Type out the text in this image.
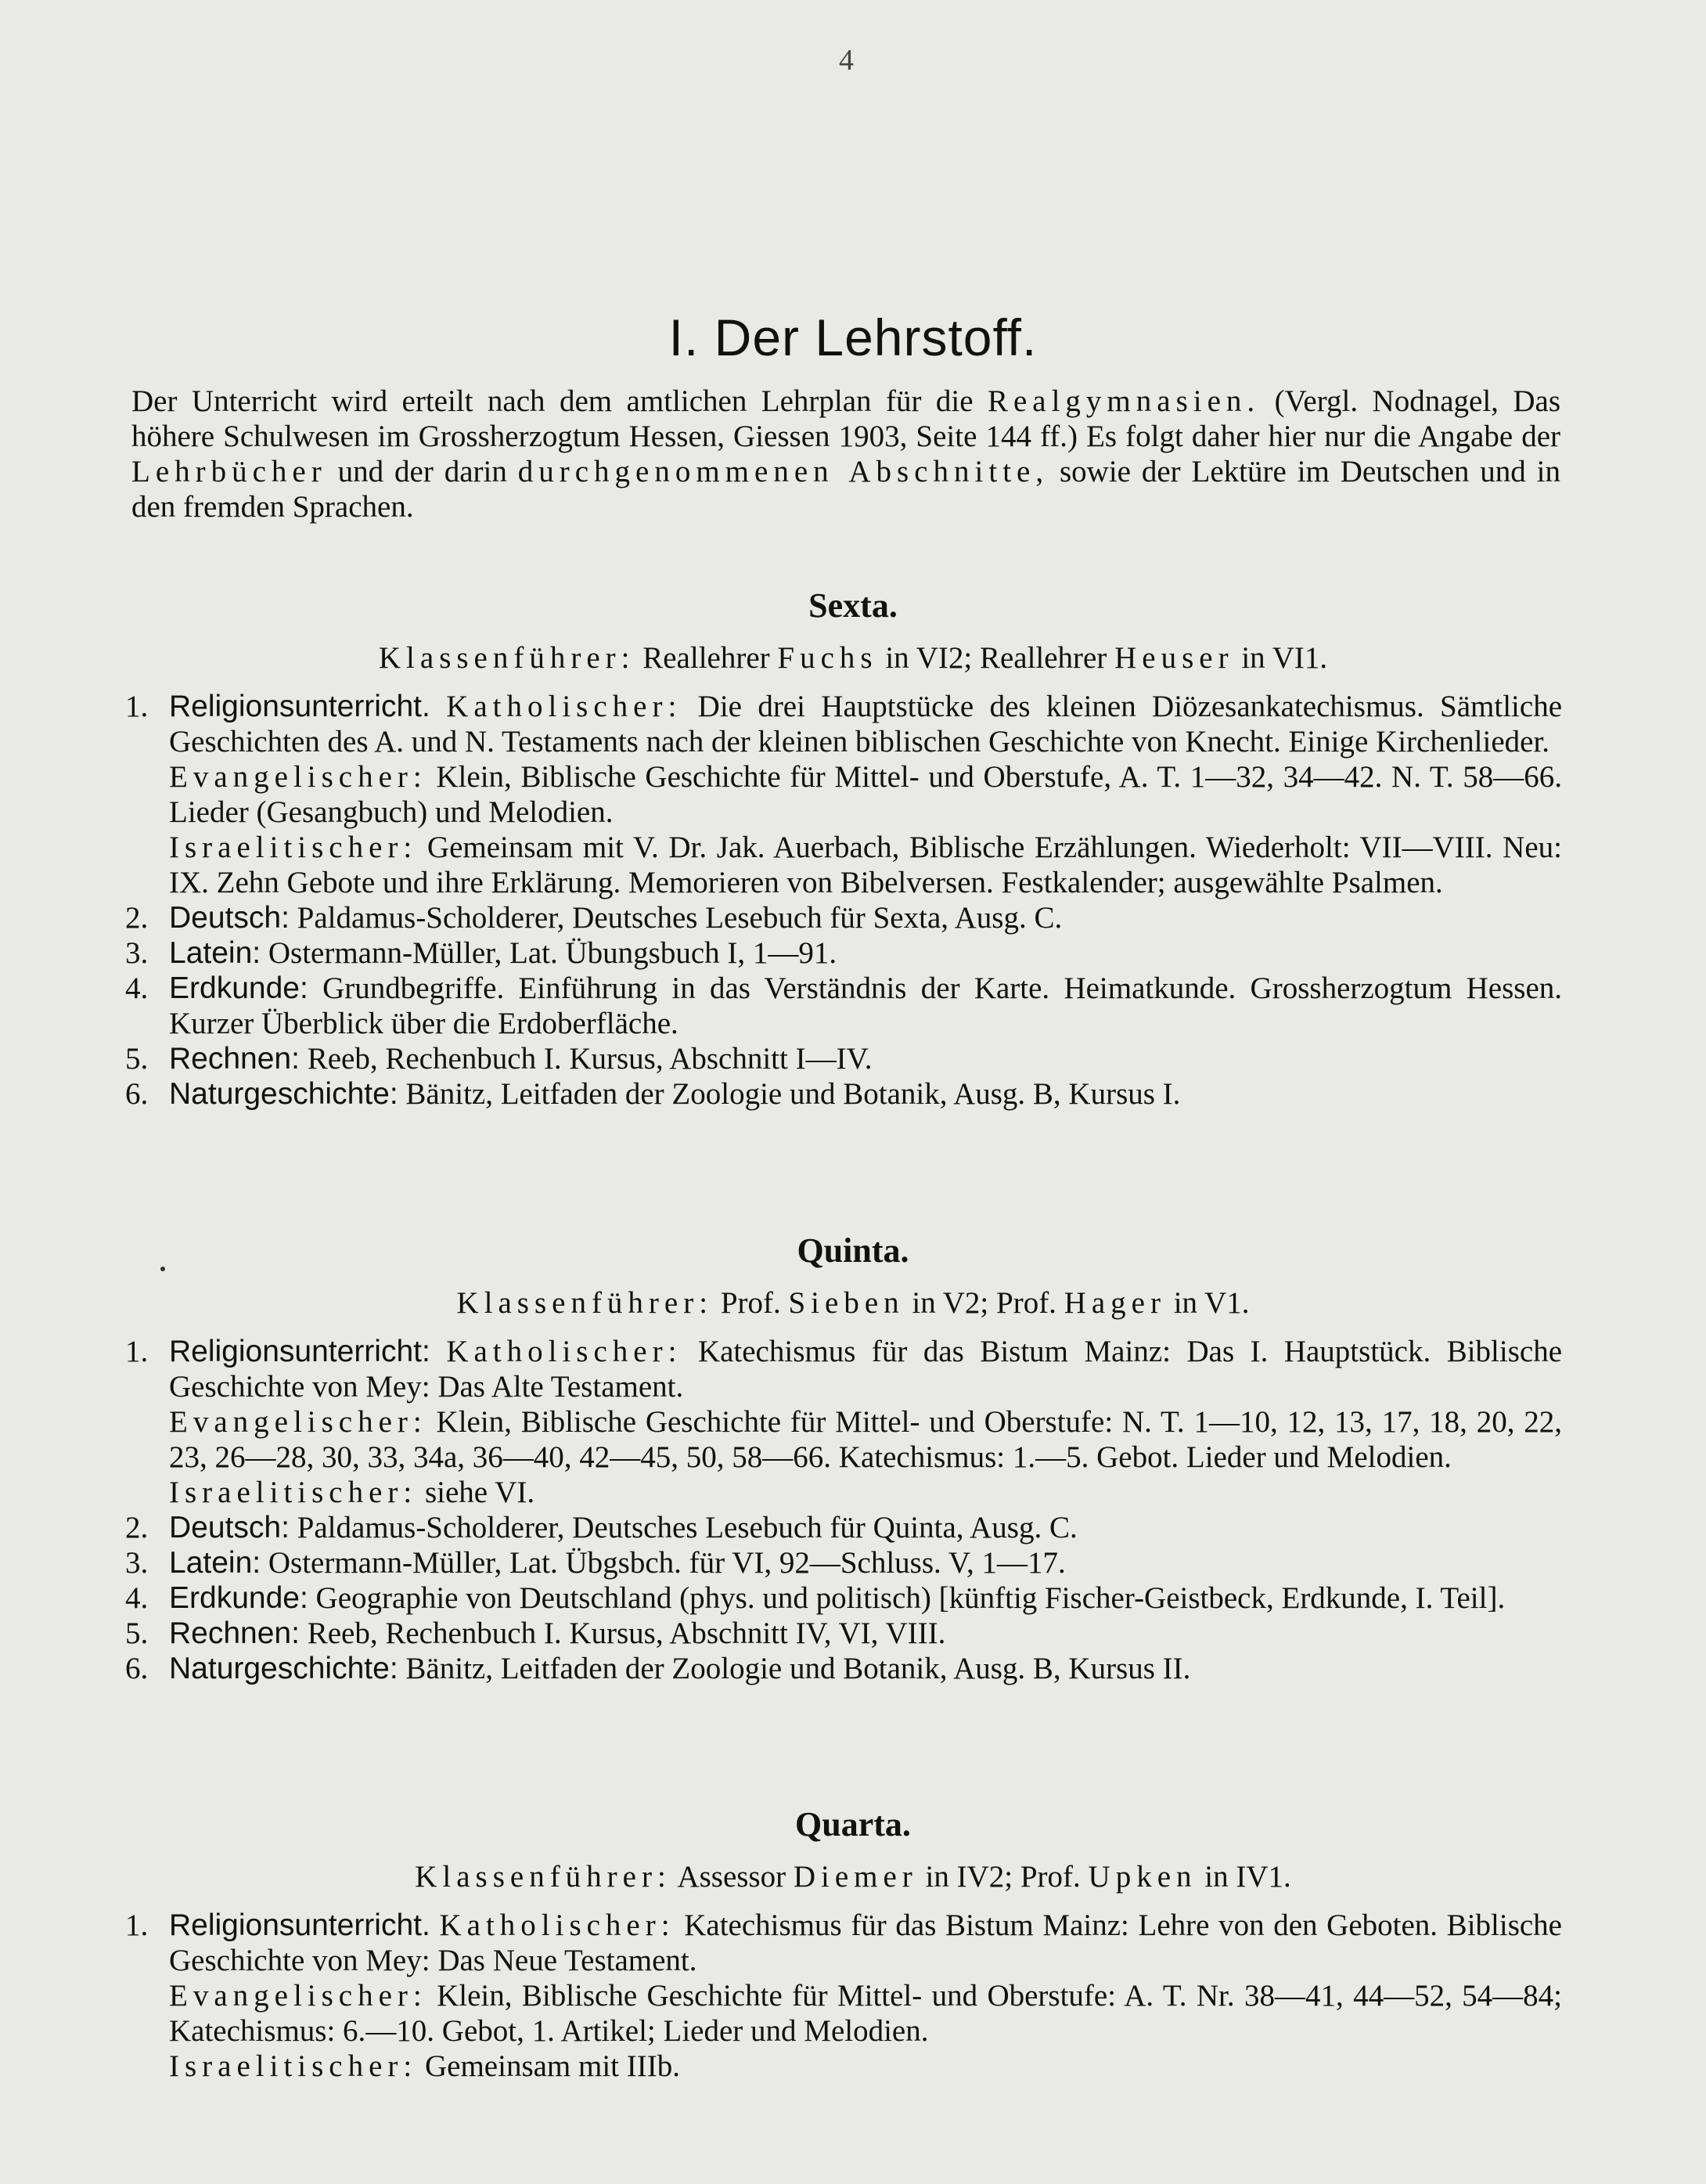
4
I. Der Lehrstoff.
Der Unterricht wird erteilt nach dem amtlichen Lehrplan für die Realgymnasien. (Vergl. Nodnagel, Das höhere Schulwesen im Grossherzogtum Hessen, Giessen 1903, Seite 144 ff.) Es folgt daher hier nur die Angabe der Lehrbücher und der darin durchgenommenen Abschnitte, sowie der Lektüre im Deutschen und in den fremden Sprachen.
Sexta.
Klassenführer: Reallehrer Fuchs in VI2; Reallehrer Heuser in VI1.
1. Religionsunterricht. Katholischer: Die drei Hauptstücke des kleinen Diözesankatechismus. Sämtliche Geschichten des A. und N. Testaments nach der kleinen biblischen Geschichte von Knecht. Einige Kirchenlieder.
Evangelischer: Klein, Biblische Geschichte für Mittel- und Oberstufe, A. T. 1—32, 34—42. N. T. 58—66. Lieder (Gesangbuch) und Melodien.
Israelitischer: Gemeinsam mit V. Dr. Jak. Auerbach, Biblische Erzählungen. Wiederholt: VII—VIII. Neu: IX. Zehn Gebote und ihre Erklärung. Memorieren von Bibelversen. Festkalender; ausgewählte Psalmen.
2. Deutsch: Paldamus-Scholderer, Deutsches Lesebuch für Sexta, Ausg. C.
3. Latein: Ostermann-Müller, Lat. Übungsbuch I, 1—91.
4. Erdkunde: Grundbegriffe. Einführung in das Verständnis der Karte. Heimatkunde. Grossherzogtum Hessen. Kurzer Überblick über die Erdoberfläche.
5. Rechnen: Reeb, Rechenbuch I. Kursus, Abschnitt I—IV.
6. Naturgeschichte: Bänitz, Leitfaden der Zoologie und Botanik, Ausg. B, Kursus I.
Quinta.
Klassenführer: Prof. Sieben in V2; Prof. Hager in V1.
1. Religionsunterricht: Katholischer: Katechismus für das Bistum Mainz: Das I. Hauptstück. Biblische Geschichte von Mey: Das Alte Testament.
Evangelischer: Klein, Biblische Geschichte für Mittel- und Oberstufe: N. T. 1—10, 12, 13, 17, 18, 20, 22, 23, 26—28, 30, 33, 34a, 36—40, 42—45, 50, 58—66. Katechismus: 1.—5. Gebot. Lieder und Melodien.
Israelitischer: siehe VI.
2. Deutsch: Paldamus-Scholderer, Deutsches Lesebuch für Quinta, Ausg. C.
3. Latein: Ostermann-Müller, Lat. Übgsbch. für VI, 92—Schluss. V, 1—17.
4. Erdkunde: Geographie von Deutschland (phys. und politisch) [künftig Fischer-Geistbeck, Erdkunde, I. Teil].
5. Rechnen: Reeb, Rechenbuch I. Kursus, Abschnitt IV, VI, VIII.
6. Naturgeschichte: Bänitz, Leitfaden der Zoologie und Botanik, Ausg. B, Kursus II.
Quarta.
Klassenführer: Assessor Diemer in IV2; Prof. Upken in IV1.
1. Religionsunterricht. Katholischer: Katechismus für das Bistum Mainz: Lehre von den Geboten. Biblische Geschichte von Mey: Das Neue Testament.
Evangelischer: Klein, Biblische Geschichte für Mittel- und Oberstufe: A. T. Nr. 38—41, 44—52, 54—84; Katechismus: 6.—10. Gebot, 1. Artikel; Lieder und Melodien.
Israelitischer: Gemeinsam mit IIIb.
